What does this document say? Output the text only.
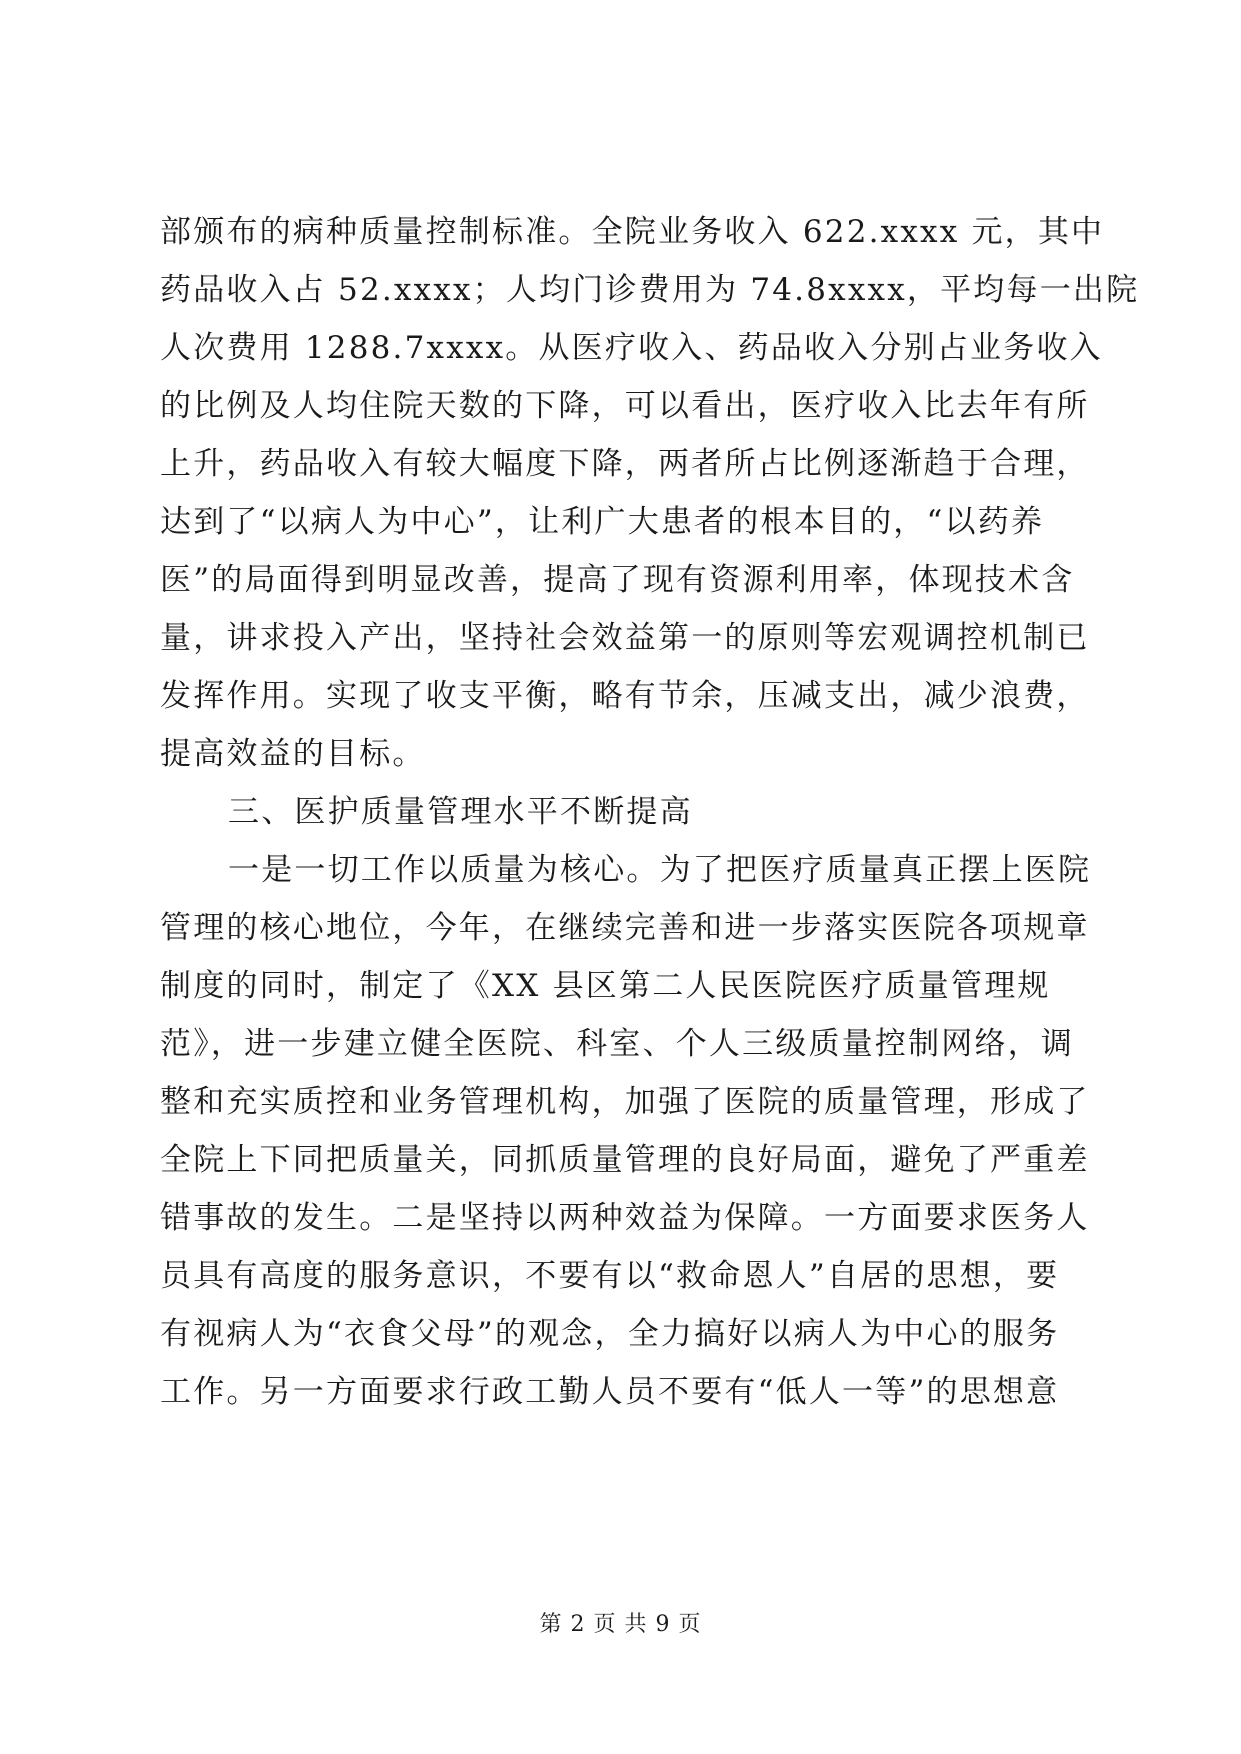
部颁布的病种质量控制标准。全院业务收入 622.xxxx 元，其中
药品收入占 52.xxxx；人均门诊费用为 74.8xxxx，平均每一出院
人次费用 1288.7xxxx。从医疗收入、药品收入分别占业务收入
的比例及人均住院天数的下降，可以看出，医疗收入比去年有所
上升，药品收入有较大幅度下降，两者所占比例逐渐趋于合理，
达到了“以病人为中心”，让利广大患者的根本目的，“以药养
医”的局面得到明显改善，提高了现有资源利用率，体现技术含
量，讲求投入产出，坚持社会效益第一的原则等宏观调控机制已
发挥作用。实现了收支平衡，略有节余，压减支出，减少浪费，
提高效益的目标。
三、医护质量管理水平不断提高
一是一切工作以质量为核心。为了把医疗质量真正摆上医院
管理的核心地位，今年，在继续完善和进一步落实医院各项规章
制度的同时，制定了《XX 县区第二人民医院医疗质量管理规
范》，进一步建立健全医院、科室、个人三级质量控制网络，调
整和充实质控和业务管理机构，加强了医院的质量管理，形成了
全院上下同把质量关，同抓质量管理的良好局面，避免了严重差
错事故的发生。二是坚持以两种效益为保障。一方面要求医务人
员具有高度的服务意识，不要有以“救命恩人”自居的思想，要
有视病人为“衣食父母”的观念，全力搞好以病人为中心的服务
工作。另一方面要求行政工勤人员不要有“低人一等”的思想意
第 2 页 共 9 页
